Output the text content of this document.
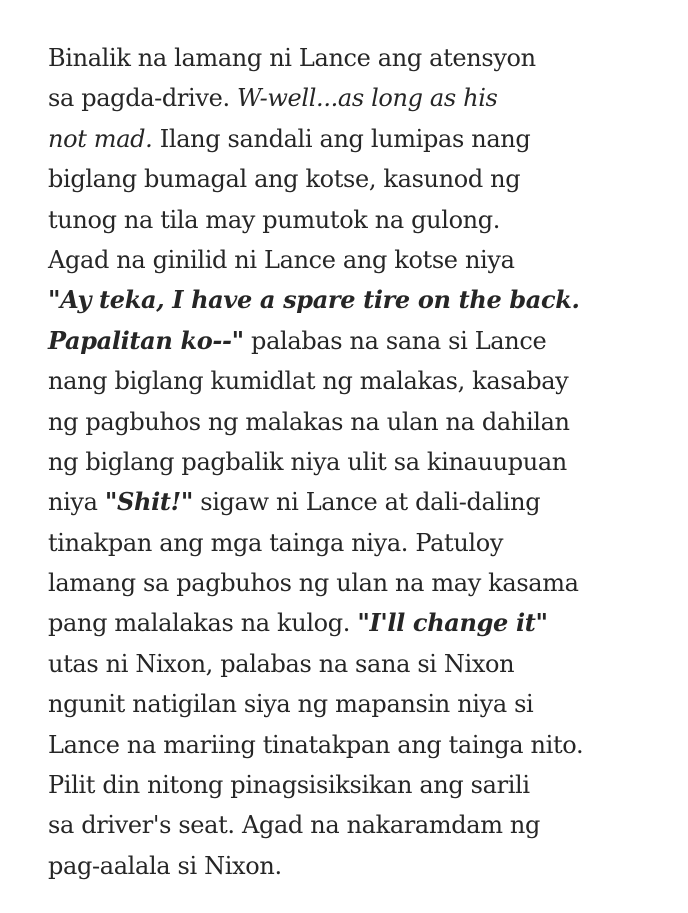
Binalik na lamang ni Lance ang atensyon
sa pagda-drive. W-well...as long as his
not mad. Ilang sandali ang lumipas nang
biglang bumagal ang kotse, kasunod ng
tunog na tila may pumutok na gulong.
Agad na ginilid ni Lance ang kotse niya
"Ay teka, I have a spare tire on the back.
Papalitan ko--" palabas na sana si Lance
nang biglang kumidlat ng malakas, kasabay
ng pagbuhos ng malakas na ulan na dahilan
ng biglang pagbalik niya ulit sa kinauupuan
niya "Shit!" sigaw ni Lance at dali-daling
tinakpan ang mga tainga niya. Patuloy
lamang sa pagbuhos ng ulan na may kasama
pang malalakas na kulog. "I'll change it"
utas ni Nixon, palabas na sana si Nixon
ngunit natigilan siya ng mapansin niya si
Lance na mariing tinatakpan ang tainga nito.
Pilit din nitong pinagsisiksikan ang sarili
sa driver's seat. Agad na nakaramdam ng
pag-aalala si Nixon.
